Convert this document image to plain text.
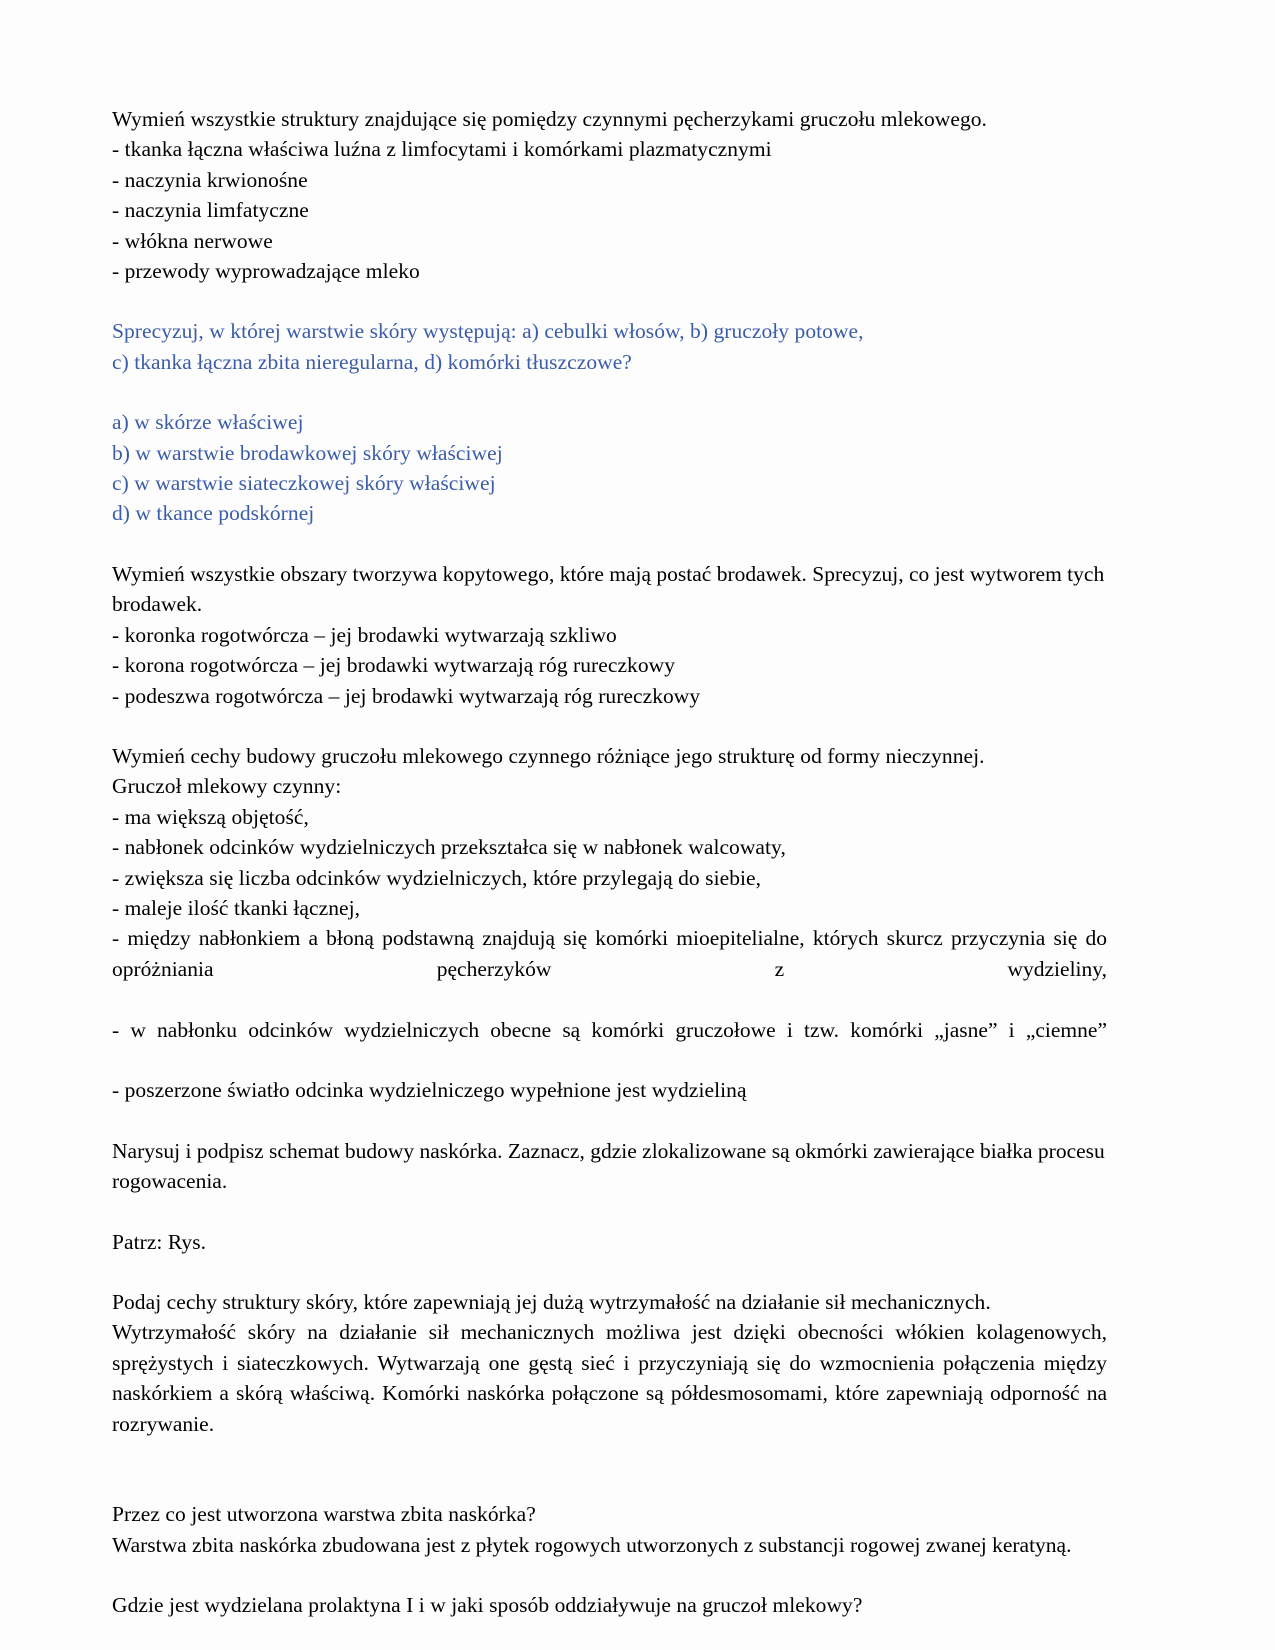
Wymień wszystkie struktury znajdujące się pomiędzy czynnymi pęcherzykami gruczołu mlekowego.
- tkanka łączna właściwa luźna z limfocytami i komórkami plazmatycznymi
- naczynia krwionośne
- naczynia limfatyczne
- włókna nerwowe
- przewody wyprowadzające mleko
Sprecyzuj, w której warstwie skóry występują: a) cebulki włosów, b) gruczoły potowe,
c) tkanka łączna zbita nieregularna, d) komórki tłuszczowe?
a) w skórze właściwej
b) w warstwie brodawkowej skóry właściwej
c) w warstwie siateczkowej skóry właściwej
d) w tkance podskórnej
Wymień wszystkie obszary tworzywa kopytowego, które mają postać brodawek. Sprecyzuj, co jest wytworem tych brodawek.
- koronka rogotwórcza – jej brodawki wytwarzają szkliwo
- korona rogotwórcza – jej brodawki wytwarzają róg rureczkowy
- podeszwa rogotwórcza – jej brodawki wytwarzają róg rureczkowy
Wymień cechy budowy gruczołu mlekowego czynnego różniące jego strukturę od formy nieczynnej.
Gruczoł mlekowy czynny:
- ma większą objętość,
- nabłonek odcinków wydzielniczych przekształca się w nabłonek walcowaty,
- zwiększa się liczba odcinków wydzielniczych, które przylegają do siebie,
- maleje ilość tkanki łącznej,
- między nabłonkiem a błoną podstawną znajdują się komórki mioepitelialne, których skurcz przyczynia się do opróżniania pęcherzyków z wydzieliny,
- w nabłonku odcinków wydzielniczych obecne są komórki gruczołowe i tzw. komórki „jasne” i „ciemne”
- poszerzone światło odcinka wydzielniczego wypełnione jest wydzieliną
Narysuj i podpisz schemat budowy naskórka. Zaznacz, gdzie zlokalizowane są okmórki zawierające białka procesu rogowacenia.
Patrz: Rys.
Podaj cechy struktury skóry, które zapewniają jej dużą wytrzymałość na działanie sił mechanicznych.
Wytrzymałość skóry na działanie sił mechanicznych możliwa jest dzięki obecności włókien kolagenowych, sprężystych i siateczkowych. Wytwarzają one gęstą sieć i przyczyniają się do wzmocnienia połączenia między naskórkiem a skórą właściwą. Komórki naskórka połączone są półdesmosomami, które zapewniają odporność na rozrywanie.
Przez co jest utworzona warstwa zbita naskórka?
Warstwa zbita naskórka zbudowana jest z płytek rogowych utworzonych z substancji rogowej zwanej keratyną.
Gdzie jest wydzielana prolaktyna I i w jaki sposób oddziaływuje na gruczoł mlekowy?
